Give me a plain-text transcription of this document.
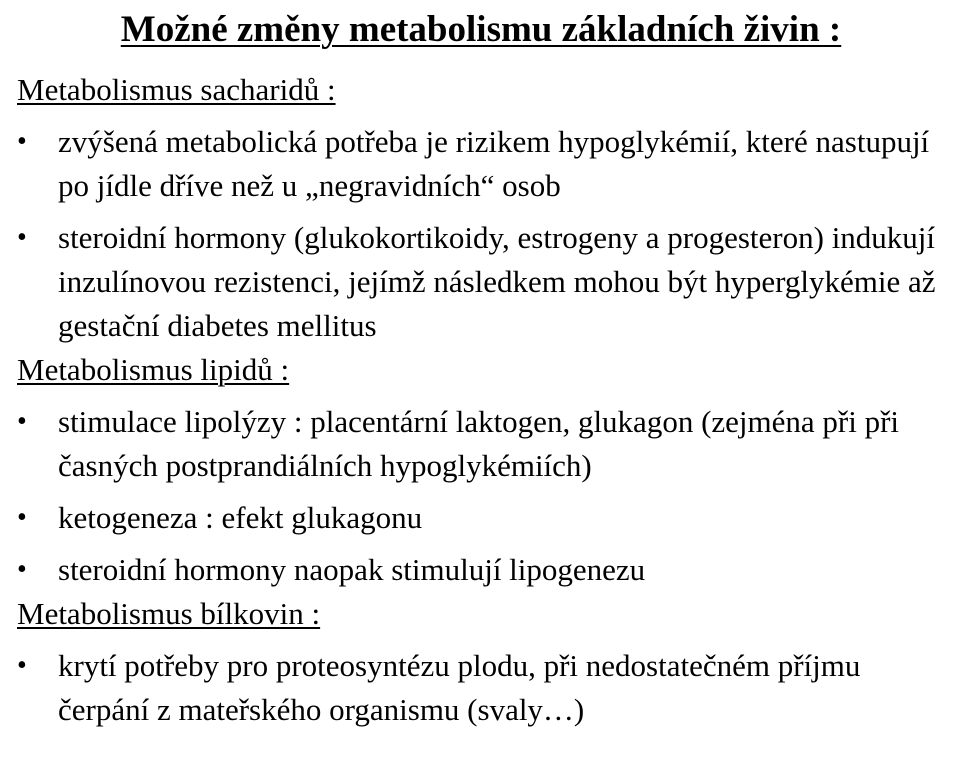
Možné změny metabolismu základních živin :
Metabolismus sacharidů :
•	zvýšená metabolická potřeba je rizikem hypoglykémií, které nastupují po jídle dříve než u „negravidních“ osob
•	steroidní hormony (glukokortikoidy, estrogeny a progesteron) indukují inzulínovou rezistenci, jejímž následkem mohou být hyperglykémie až gestační diabetes mellitus
Metabolismus lipidů :
•	stimulace lipolýzy : placentární laktogen, glukagon (zejména při při časných postprandiálních hypoglykémiích)
•	ketogeneza : efekt glukagonu
•	steroidní hormony naopak stimulují lipogenezu
Metabolismus bílkovin :
•	krytí potřeby pro proteosyntézu plodu, při nedostatečném příjmu čerpání z mateřského organismu (svaly…)
